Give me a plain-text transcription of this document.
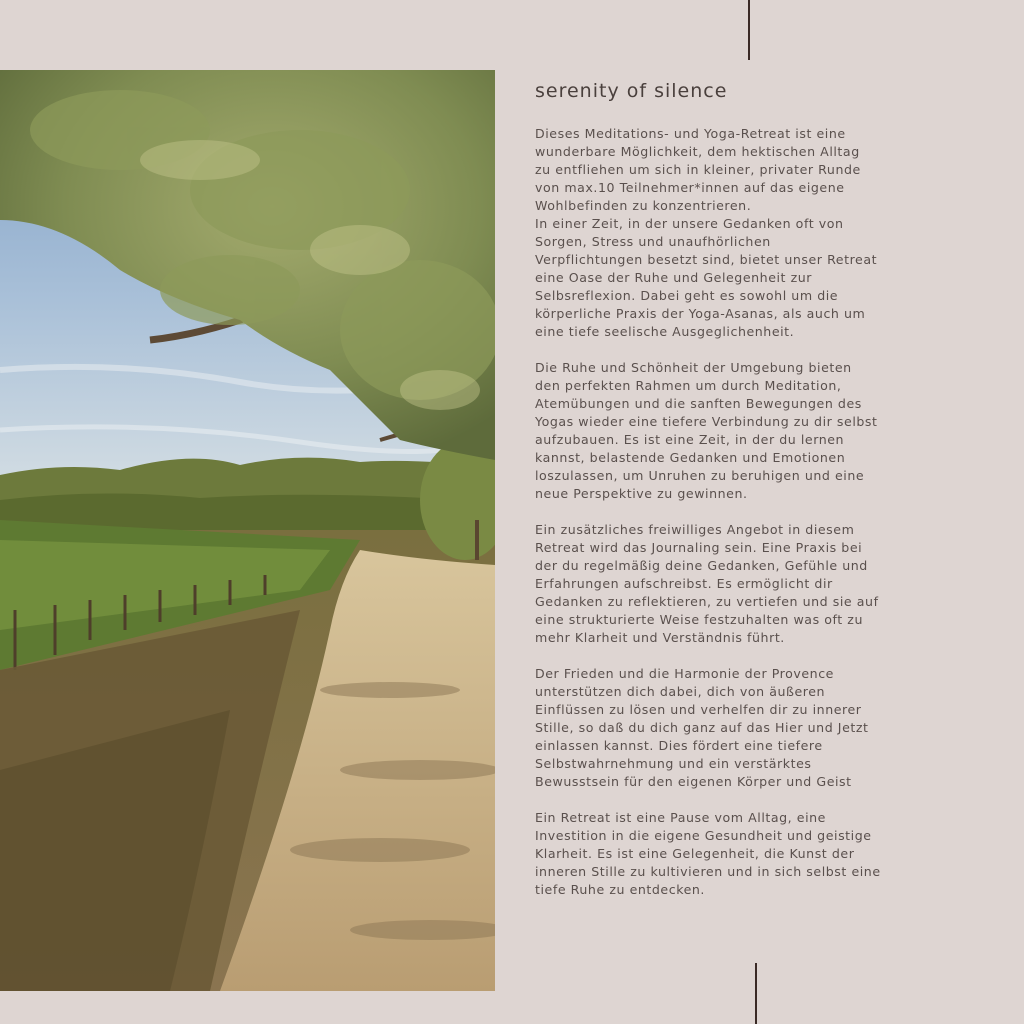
serenity of silence
Dieses Meditations- und Yoga-Retreat ist eine
wunderbare Möglichkeit, dem hektischen Alltag
zu entfliehen um sich in kleiner, privater Runde
von max.10 Teilnehmer*innen auf das eigene
Wohlbefinden zu konzentrieren.
In einer Zeit, in der unsere Gedanken oft von
Sorgen, Stress und unaufhörlichen
Verpflichtungen besetzt sind, bietet unser Retreat
eine Oase der Ruhe und Gelegenheit zur
Selbsreflexion. Dabei geht es sowohl um die
körperliche Praxis der Yoga-Asanas, als auch um
eine tiefe seelische Ausgeglichenheit.
Die Ruhe und Schönheit der Umgebung bieten
den perfekten Rahmen um durch Meditation,
Atemübungen und die sanften Bewegungen des
Yogas wieder eine tiefere Verbindung zu dir selbst
aufzubauen. Es ist eine Zeit, in der du lernen
kannst, belastende Gedanken und Emotionen
loszulassen, um Unruhen zu beruhigen und eine
neue Perspektive zu gewinnen.
Ein zusätzliches freiwilliges Angebot in diesem
Retreat wird das Journaling sein. Eine Praxis bei
der du regelmäßig deine Gedanken, Gefühle und
Erfahrungen aufschreibst. Es ermöglicht dir
Gedanken zu reflektieren, zu vertiefen und sie auf
eine strukturierte Weise festzuhalten was oft zu
mehr Klarheit und Verständnis führt.
Der Frieden und die Harmonie der Provence
unterstützen dich dabei, dich von äußeren
Einflüssen zu lösen und verhelfen dir zu innerer
Stille, so daß du dich ganz auf das Hier und Jetzt
einlassen kannst. Dies fördert eine tiefere
Selbstwahrnehmung und ein verstärktes
Bewusstsein für den eigenen Körper und Geist
Ein Retreat ist eine Pause vom Alltag, eine
Investition in die eigene Gesundheit und geistige
Klarheit. Es ist eine Gelegenheit, die Kunst der
inneren Stille zu kultivieren und in sich selbst eine
tiefe Ruhe zu entdecken.
